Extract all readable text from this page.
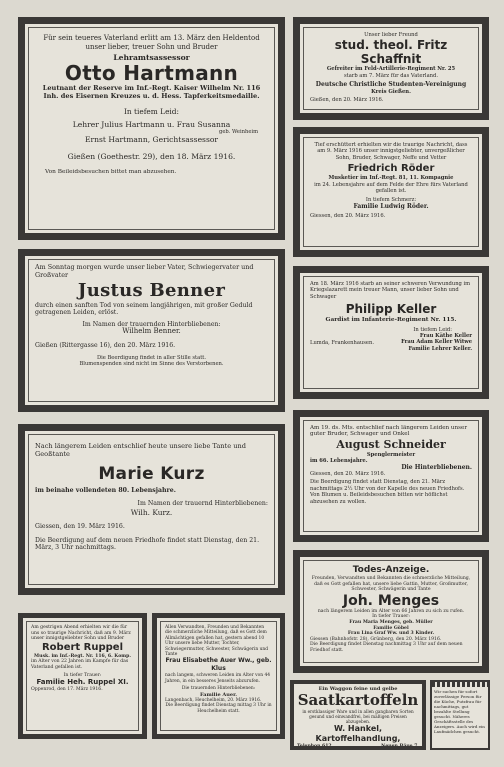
Für sein teueres Vaterland erlitt am 13. März den Heldentod unser lieber, treuer Sohn und Bruder

Lehramtsassessor

Otto Hartmann

Leutnant der Reserve im Inf.-Regt. Kaiser Wilhelm Nr. 116

Inh. des Eisernen Kreuzes u. d. Hess. Tapferkeitsmedaille.

In tiefem Leid:

Lehrer Julius Hartmann u. Frau Susanna

geb. Weinheim

Ernst Hartmann, Gerichtsassessor

Gießen (Goethestr. 29), den 18. März 1916.

Von Beileidsbesuchen bittet man abzusehen.

Unser lieber Freund

stud. theol. Fritz Schaffnit

Gefreiter im Feld-Artillerie-Regiment Nr. 25

starb am 7. März für das Vaterland.

Deutsche Christliche Studenten-Vereinigung

Kreis Gießen.

Gießen, den 20. März 1916.

Tief erschüttert erhielten wir die traurige Nachricht, dass am 9. März 1916 unser innigstgeliebter, unvergeßlicher Sohn, Bruder, Schwager, Neffe und Vetter

Friedrich Röder

Musketier im Inf.-Regt. 81, 11. Kompagnie

im 24. Lebensjahre auf dem Felde der Ehre fürs Vaterland gefallen ist.

In tiefem Schmerz:

Familie Ludwig Röder.

Giessen, den 20. März 1916.

Am Sonntag morgen wurde unser lieber Vater, Schwiegervater und Großvater

Justus Benner

durch einen sanften Tod von seinem langjährigen, mit großer Geduld getragenen Leiden, erlöst.

Im Namen der trauernden Hinterbliebenen:

Wilhelm Benner.

Gießen (Rittergasse 16), den 20. März 1916.

Die Beerdigung findet in aller Stille statt.

Blumenspenden sind nicht im Sinne des Verstorbenen.

Am 18. März 1916 starb an seiner schweren Verwundung im Kriegslazarett mein treuer Mann, unser lieber Sohn und Schwager

Philipp Keller

Gardist im Infanterie-Regiment Nr. 115.

In tiefem Leid:

Frau Käthe Keller

Frau Adam Keller Witwe

Familie Lehrer Keller.

Lumda, Frankenhausen.

Nach längerem Leiden entschlief heute unsere liebe Tante und Geoßtante

Marie Kurz

im beinahe vollendeten 80. Lebensjahre.

Im Namen der trauernd Hinterbliebenen:

Wilh. Kurz.

Giessen, den 19. März 1916.

Die Beerdigung auf dem neuen Friedhofe findet statt Dienstag, den 21. März, 3 Uhr nachmittags.

Am 19. ds. Mts. entschlief nach längerem Leiden unser guter Bruder, Schwager und Onkel

August Schneider

Spenglermeister

im 66. Lebensjahre.

Die Hinterbliebenen.

Giessen, den 20. März 1916.

Die Beerdigung findet statt Dienstag, den 21. März nachmittags 2½ Uhr von der Kapelle des neuen Friedhofs. Von Blumen u. Beileidsbesuchen bitten wir höflichst abzusehen zu wollen.

Todes-Anzeige.

Freunden, Verwandten und Bekannten die schmerzliche Mitteilung, daß es Gott gefallen hat, unsere liebe Gattin, Mutter, Großmutter, Schwester, Schwägerin und Tante

Joh. Menges

nach längerem Leiden im Alter von 66 Jahren zu sich zu rufen.

In tiefer Trauer:

Frau Maria Menges, geb. Müller

Familie Göbel

Frau Lina Graf Ww. und 3 Kinder.

Giessen (Bahnhofstr. 28), Grünberg, den 20. März 1916.

Die Beerdigung findet Dienstag nachmittag 3 Uhr auf dem neuen Friedhof statt.

Am gestrigen Abend erhielten wir die für uns so traurige Nachricht, daß am 9. März unser innigstgeliebter Sohn und Bruder

Robert Ruppel

Musk. im Inf.-Regt. Nr. 116, 6. Komp.

im Alter von 22 Jahren im Kampfe für das Vaterland gefallen ist.

In tiefer Trauer:

Familie Heh. Ruppel XI.

Oppenrod, den 17. März 1916.

Allen Verwandten, Freunden und Bekannten die schmerzliche Mitteilung, daß es Gott dem Allmächtigen gefallen hat, gestern abend 10 Uhr unsere liebe Mutter, Tochter, Schwiegermutter, Schwester, Schwägerin und Tante

Frau Elisabethe Auer Ww., geb. Klus

nach langem, schweren Leiden im Alter von 44 Jahren, in ein besseres Jenseits abzurufen.

Die trauernden Hinterbliebenen:

Familie Auer.

Langenbach, Heuchelheim, 20. März 1916.

Die Beerdigung findet Dienstag mittag 3 Uhr in Heuchelheim statt.

Ein Waggon feine und gelbe

Saatkartoffeln

in erstklassiger Ware und in allen gangbaren Sorten gesund und einwandfrei, bei mäßigen Preisen abzugeben.

W. Hankel, Kartoffelhandlung,

Telephon 612	Neuen Bäue 7.

Wir suchen für sofort zuverlässige Person für die Küche, Putzfrau für nachmittags, gut bezahlte Stellung gesucht. Näheres Geschäftsstelle des Anzeigers. Auch wird ein Laufmädchen gesucht.
